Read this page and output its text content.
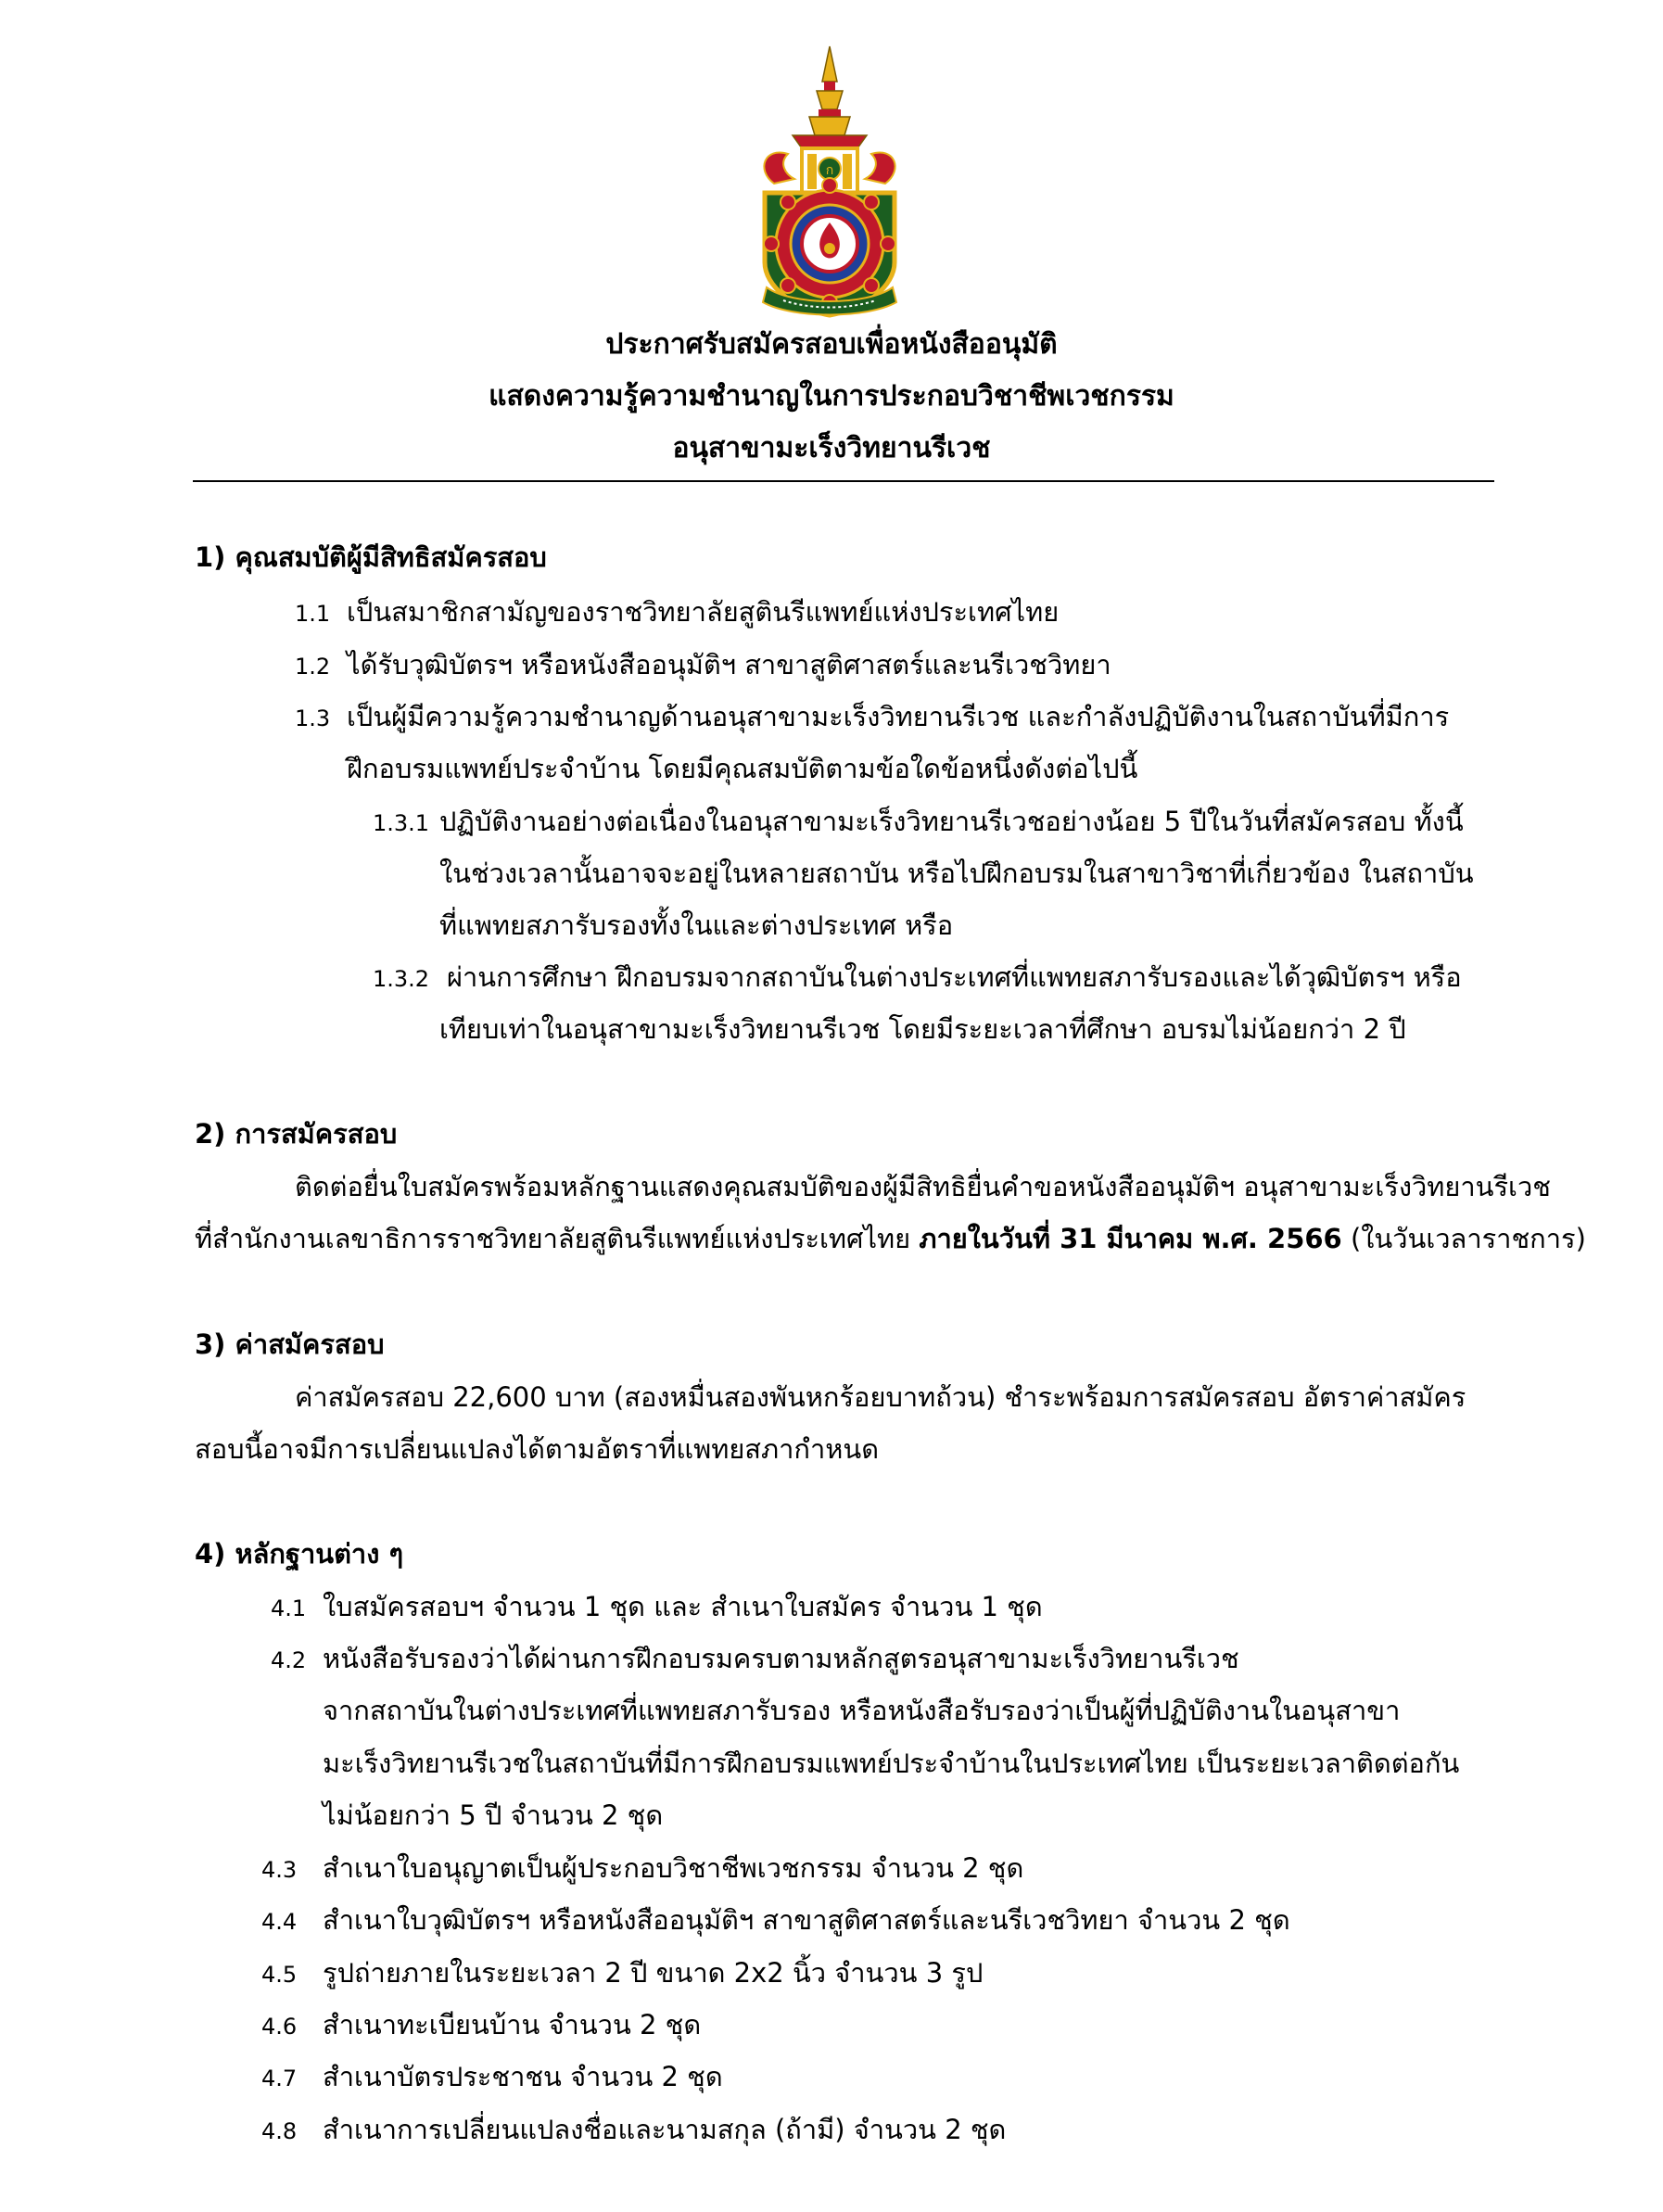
ก
ประกาศรับสมัครสอบเพื่อหนังสืออนุมัติ
แสดงความรู้ความชำนาญในการประกอบวิชาชีพเวชกรรม
อนุสาขามะเร็งวิทยานรีเวช
1) คุณสมบัติผู้มีสิทธิสมัครสอบ
1.1 เป็นสมาชิกสามัญของราชวิทยาลัยสูตินรีแพทย์แห่งประเทศไทย
1.2 ได้รับวุฒิบัตรฯ หรือหนังสืออนุมัติฯ สาขาสูติศาสตร์และนรีเวชวิทยา
1.3 เป็นผู้มีความรู้ความชำนาญด้านอนุสาขามะเร็งวิทยานรีเวช และกำลังปฏิบัติงานในสถาบันที่มีการ
ฝึกอบรมแพทย์ประจำบ้าน โดยมีคุณสมบัติตามข้อใดข้อหนึ่งดังต่อไปนี้
1.3.1 ปฏิบัติงานอย่างต่อเนื่องในอนุสาขามะเร็งวิทยานรีเวชอย่างน้อย 5 ปีในวันที่สมัครสอบ ทั้งนี้
ในช่วงเวลานั้นอาจจะอยู่ในหลายสถาบัน หรือไปฝึกอบรมในสาขาวิชาที่เกี่ยวข้อง ในสถาบัน
ที่แพทยสภารับรองทั้งในและต่างประเทศ หรือ
1.3.2 ผ่านการศึกษา ฝึกอบรมจากสถาบันในต่างประเทศที่แพทยสภารับรองและได้วุฒิบัตรฯ หรือ
เทียบเท่าในอนุสาขามะเร็งวิทยานรีเวช โดยมีระยะเวลาที่ศึกษา อบรมไม่น้อยกว่า 2 ปี
2) การสมัครสอบ
ติดต่อยื่นใบสมัครพร้อมหลักฐานแสดงคุณสมบัติของผู้มีสิทธิยื่นคำขอหนังสืออนุมัติฯ อนุสาขามะเร็งวิทยานรีเวช
ที่สำนักงานเลขาธิการราชวิทยาลัยสูตินรีแพทย์แห่งประเทศไทย ภายในวันที่ 31 มีนาคม พ.ศ. 2566 (ในวันเวลาราชการ)
3) ค่าสมัครสอบ
ค่าสมัครสอบ 22,600 บาท (สองหมื่นสองพันหกร้อยบาทถ้วน) ชำระพร้อมการสมัครสอบ อัตราค่าสมัคร
สอบนี้อาจมีการเปลี่ยนแปลงได้ตามอัตราที่แพทยสภากำหนด
4) หลักฐานต่าง ๆ
4.1 ใบสมัครสอบฯ จำนวน 1 ชุด และ สำเนาใบสมัคร จำนวน 1 ชุด
4.2 หนังสือรับรองว่าได้ผ่านการฝึกอบรมครบตามหลักสูตรอนุสาขามะเร็งวิทยานรีเวช
จากสถาบันในต่างประเทศที่แพทยสภารับรอง หรือหนังสือรับรองว่าเป็นผู้ที่ปฏิบัติงานในอนุสาขา
มะเร็งวิทยานรีเวชในสถาบันที่มีการฝึกอบรมแพทย์ประจำบ้านในประเทศไทย เป็นระยะเวลาติดต่อกัน
ไม่น้อยกว่า 5 ปี จำนวน 2 ชุด
4.3 สำเนาใบอนุญาตเป็นผู้ประกอบวิชาชีพเวชกรรม จำนวน 2 ชุด
4.4 สำเนาใบวุฒิบัตรฯ หรือหนังสืออนุมัติฯ สาขาสูติศาสตร์และนรีเวชวิทยา จำนวน 2 ชุด
4.5 รูปถ่ายภายในระยะเวลา 2 ปี ขนาด 2x2 นิ้ว จำนวน 3 รูป
4.6 สำเนาทะเบียนบ้าน จำนวน 2 ชุด
4.7 สำเนาบัตรประชาชน จำนวน 2 ชุด
4.8 สำเนาการเปลี่ยนแปลงชื่อและนามสกุล (ถ้ามี) จำนวน 2 ชุด
